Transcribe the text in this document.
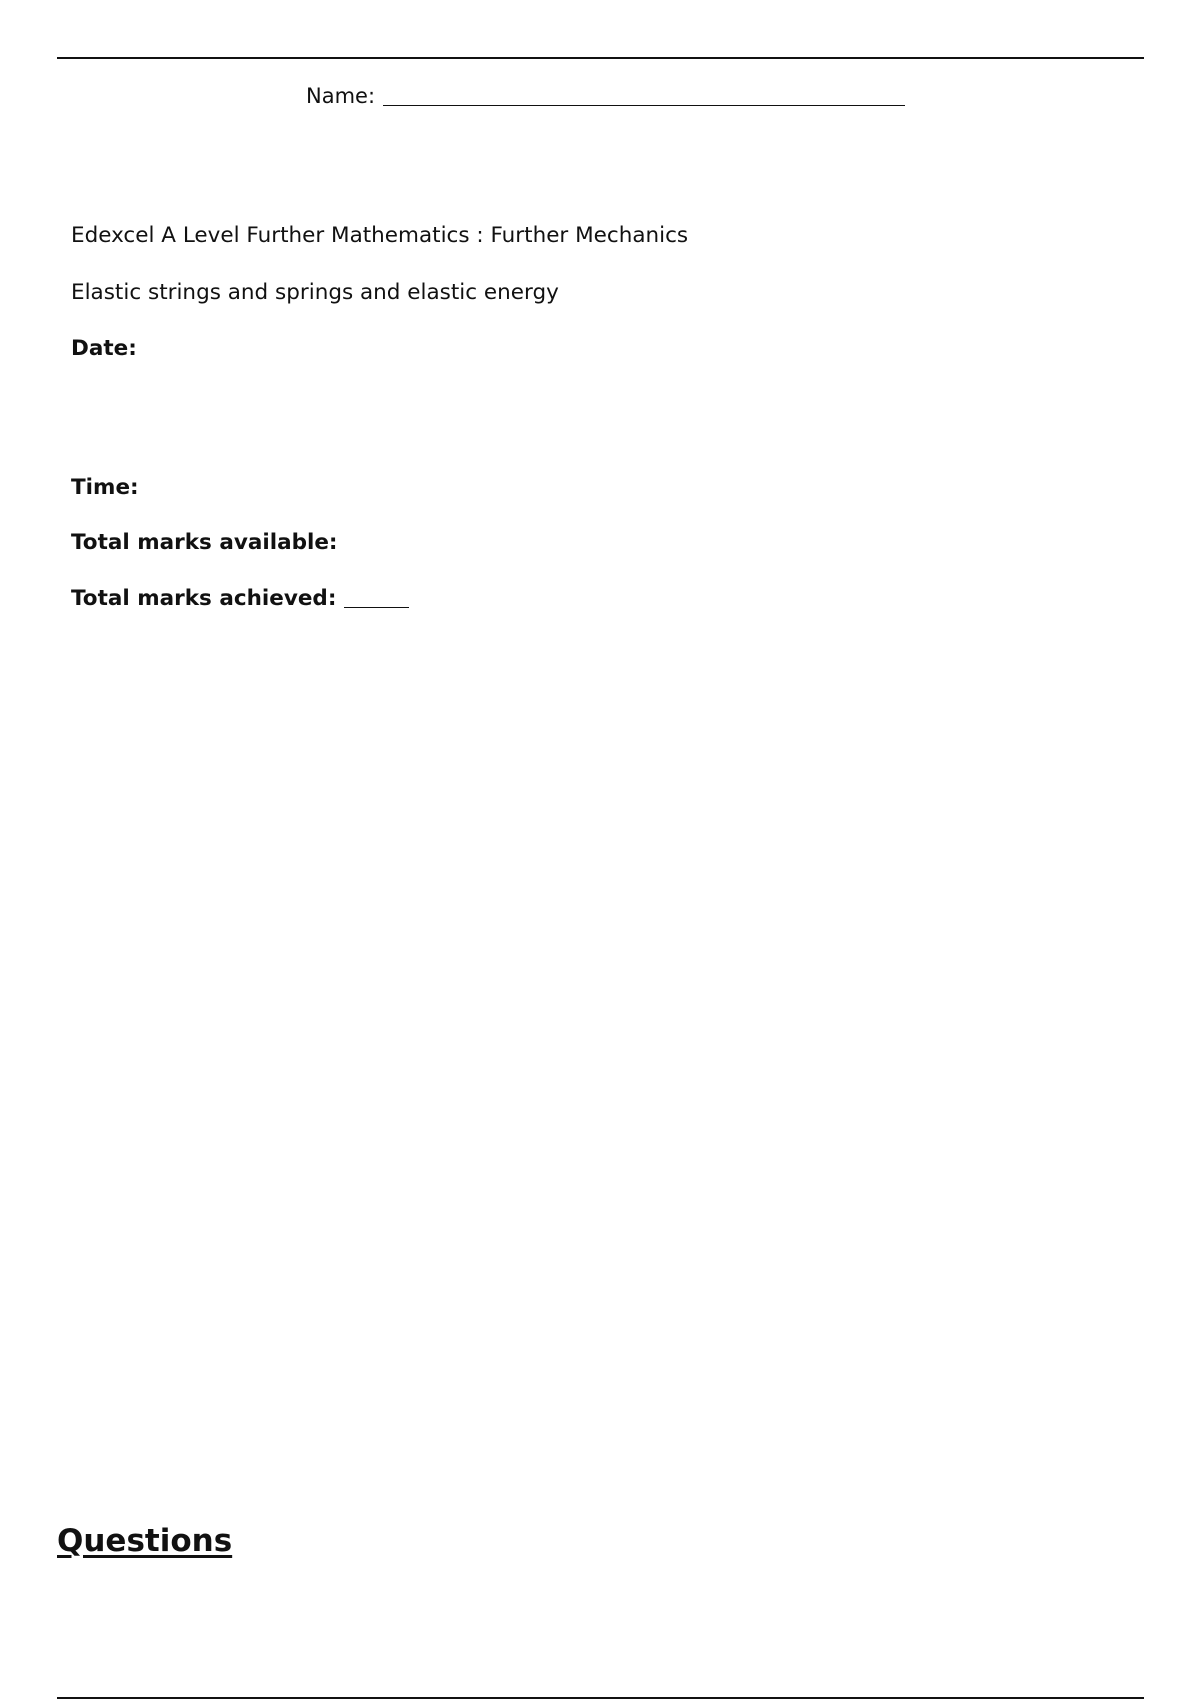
Name:
Edexcel A Level Further Mathematics : Further Mechanics
Elastic strings and springs and elastic energy
Date:
Time:
Total marks available:
Total marks achieved:
Questions
